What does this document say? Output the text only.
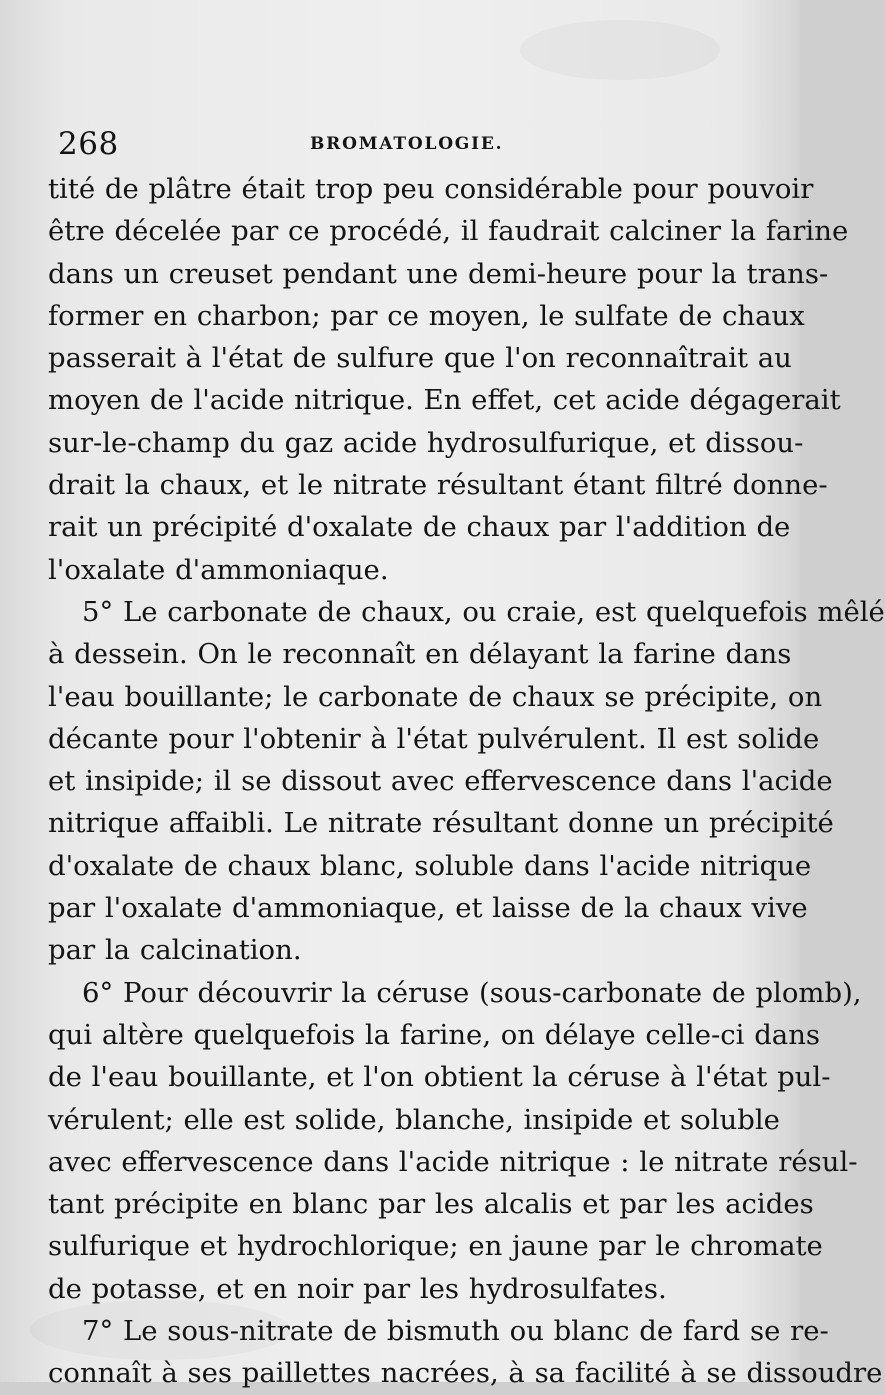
268	BROMATOLOGIE.
tité de plâtre était trop peu considérable pour pouvoir
être décelée par ce procédé, il faudrait calciner la farine
dans un creuset pendant une demi-heure pour la trans-
former en charbon; par ce moyen, le sulfate de chaux
passerait à l'état de sulfure que l'on reconnaîtrait au
moyen de l'acide nitrique. En effet, cet acide dégagerait
sur-le-champ du gaz acide hydrosulfurique, et dissou-
drait la chaux, et le nitrate résultant étant filtré donne-
rait un précipité d'oxalate de chaux par l'addition de
l'oxalate d'ammoniaque.
5° Le carbonate de chaux, ou craie, est quelquefois mêlé
à dessein. On le reconnaît en délayant la farine dans
l'eau bouillante; le carbonate de chaux se précipite, on
décante pour l'obtenir à l'état pulvérulent. Il est solide
et insipide; il se dissout avec effervescence dans l'acide
nitrique affaibli. Le nitrate résultant donne un précipité
d'oxalate de chaux blanc, soluble dans l'acide nitrique
par l'oxalate d'ammoniaque, et laisse de la chaux vive
par la calcination.
6° Pour découvrir la céruse (sous-carbonate de plomb),
qui altère quelquefois la farine, on délaye celle-ci dans
de l'eau bouillante, et l'on obtient la céruse à l'état pul-
vérulent; elle est solide, blanche, insipide et soluble
avec effervescence dans l'acide nitrique : le nitrate résul-
tant précipite en blanc par les alcalis et par les acides
sulfurique et hydrochlorique; en jaune par le chromate
de potasse, et en noir par les hydrosulfates.
7° Le sous-nitrate de bismuth ou blanc de fard se re-
connaît à ses paillettes nacrées, à sa facilité à se dissoudre
